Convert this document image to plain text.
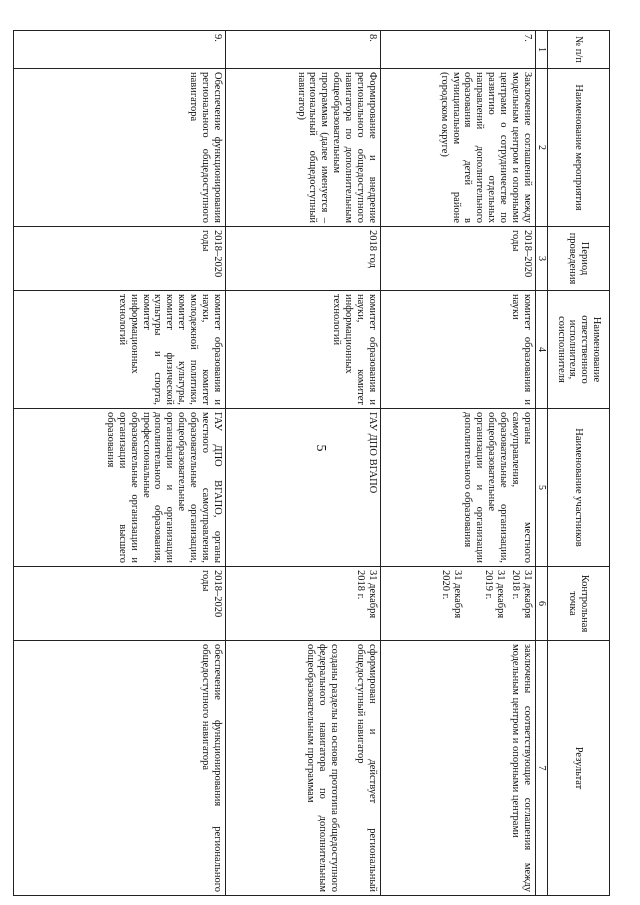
5
№ п/п	Наименование мероприятия	Период проведения	Наименование ответственного исполнителя, соисполнителя	Наименование участников	Контрольная точка	Результат
1	2	3	4	5	6	7
7.	Заключение соглашений между модельным центром и опорными центрами о сотрудничестве по развитию отдельных направлений дополнительного образования детей в муниципальном районе (городском округе)	2018–2020 годы	комитет образования и науки	органы местного самоуправления, образовательные организации, общеобразовательные организации и организации дополнительного образования	31 декабря 2018 г.
31 декабря 2019 г.
31 декабря 2020 г.	заключены соответствующие соглашения между модельным центром и опорными центрами

8.	Формирование и внедрение регионального общедоступного навигатора по дополнительным общеобразовательным программам (далее именуется – региональный общедоступный навигатор)	2018 год	комитет образования и науки, комитет информационных технологий	ГАУ ДПО ВГАПО	31 декабря 2018 г.	сформирован и действует региональный общедоступный навигатор
созданы разделы на основе прототипа общедоступного федерального навигатора по дополнительным общеобразовательным программам

9.	Обеспечение функционирования регионального общедоступного навигатора	2018–2020 годы	комитет образования и науки, комитет молодежной политики, комитет культуры, комитет физической культуры и спорта, комитет информационных технологий	ГАУ ДПО ВГАПО, органы местного самоуправления, образовательные организации, общеобразовательные организации и организации дополнительного образования, профессиональные образовательные организации и организации высшего образования	2018–2020 годы	обеспечение функционирования регионального общедоступного навигатора
